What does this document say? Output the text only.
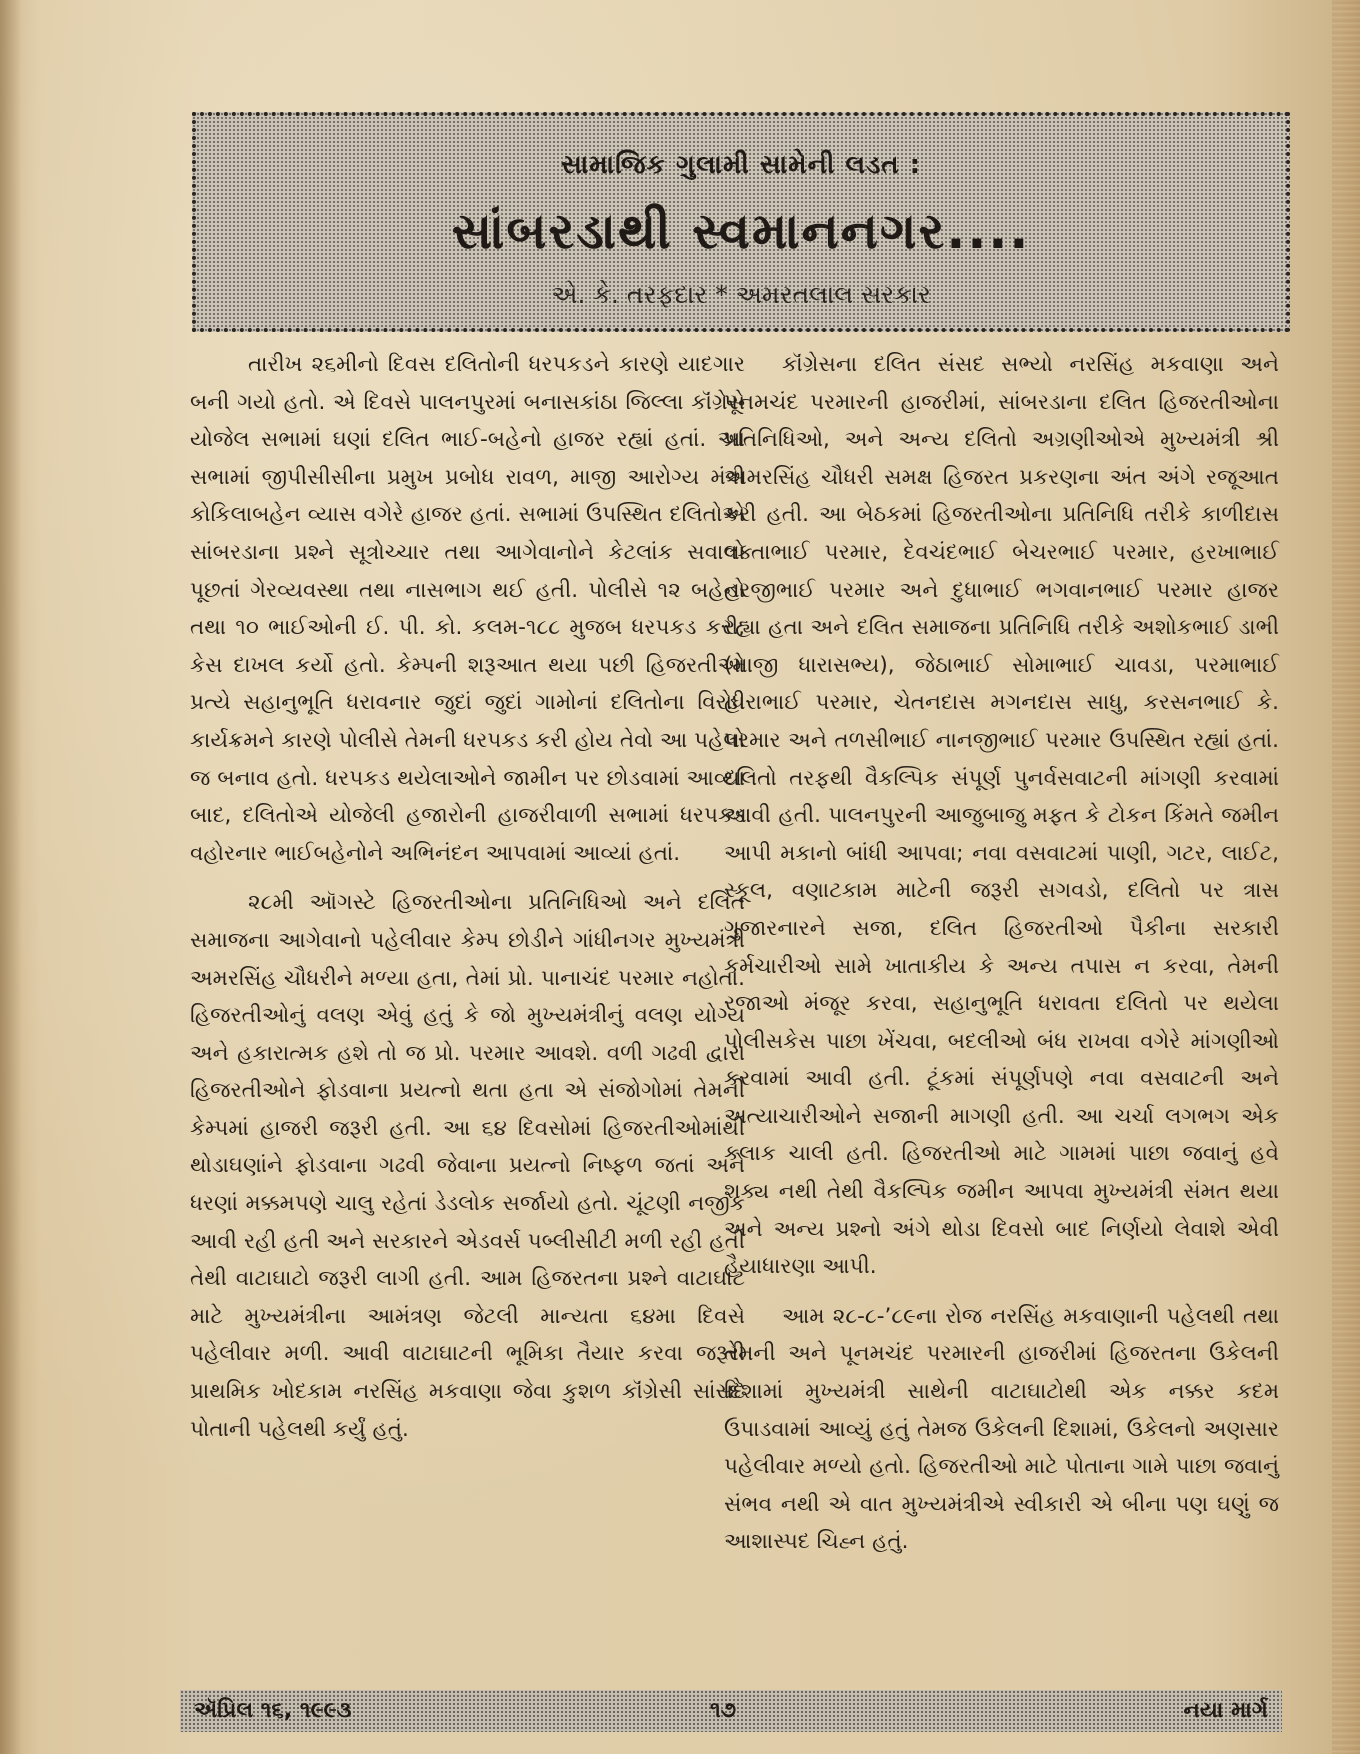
સામાજિક ગુલામી સામેની લડત :
સાંબરડાથી સ્વમાનનગર....
એ. કે. તરફદાર * અમરતલાલ સરકાર

તારીખ ૨૬મીનો દિવસ દલિતોની ધરપકડને કારણે યાદગાર બની ગયો હતો. એ દિવસે પાલનપુરમાં બનાસકાંઠા જિલ્લા કૉંગ્રેસે યોજેલ સભામાં ઘણાં દલિત ભાઈ-બહેનો હાજર રહ્યાં હતાં. આ સભામાં જીપીસીસીના પ્રમુખ પ્રબોધ રાવળ, માજી આરોગ્ય મંત્રી કોકિલાબહેન વ્યાસ વગેરે હાજર હતાં. સભામાં ઉપસ્થિત દલિતોએ સાંબરડાના પ્રશ્ને સૂત્રોચ્ચાર તથા આગેવાનોને કેટલાંક સવાલો પૂછતાં ગેરવ્યવસ્થા તથા નાસભાગ થઈ હતી. પોલીસે ૧૨ બહેનો તથા ૧૦ ભાઈઓની ઈ. પી. કો. કલમ-૧૮૮ મુજબ ધરપકડ કરી, કેસ દાખલ કર્યો હતો. કેમ્પની શરૂઆત થયા પછી હિજરતીઓ પ્રત્યે સહાનુભૂતિ ધરાવનાર જુદાં જુદાં ગામોનાં દલિતોના વિરોધ કાર્યક્રમને કારણે પોલીસે તેમની ધરપકડ કરી હોય તેવો આ પહેલો જ બનાવ હતો. ધરપકડ થયેલાઓને જામીન પર છોડવામાં આવ્યા બાદ, દલિતોએ યોજેલી હજારોની હાજરીવાળી સભામાં ધરપકડ વહોરનાર ભાઈબહેનોને અભિનંદન આપવામાં આવ્યાં હતાં.

૨૮મી ઑગસ્ટે હિજરતીઓના પ્રતિનિધિઓ અને દલિત સમાજના આગેવાનો પહેલીવાર કેમ્પ છોડીને ગાંધીનગર મુખ્યમંત્રી અમરસિંહ ચૌધરીને મળ્યા હતા, તેમાં પ્રો. પાનાચંદ પરમાર નહોતા. હિજરતીઓનું વલણ એવું હતું કે જો મુખ્યમંત્રીનું વલણ યોગ્ય અને હકારાત્મક હશે તો જ પ્રો. પરમાર આવશે. વળી ગઢવી દ્વારા હિજરતીઓને ફોડવાના પ્રયત્નો થતા હતા એ સંજોગોમાં તેમની કેમ્પમાં હાજરી જરૂરી હતી. આ ૬૪ દિવસોમાં હિજરતીઓમાંથી થોડાઘણાંને ફોડવાના ગઢવી જેવાના પ્રયત્નો નિષ્ફળ જતાં અને ધરણાં મક્કમપણે ચાલુ રહેતાં ડેડલોક સર્જાયો હતો. ચૂંટણી નજીક આવી રહી હતી અને સરકારને એડવર્સ પબ્લીસીટી મળી રહી હતી તેથી વાટાઘાટો જરૂરી લાગી હતી. આમ હિજરતના પ્રશ્ને વાટાઘાટ માટે મુખ્યમંત્રીના આમંત્રણ જેટલી માન્યતા ૬૪મા દિવસે પહેલીવાર મળી. આવી વાટાઘાટની ભૂમિકા તૈયાર કરવા જરૂરી પ્રાથમિક ખોદકામ નરસિંહ મકવાણા જેવા કુશળ કૉંગ્રેસી સાંસદે પોતાની પહેલથી કર્યું હતું.

કૉંગ્રેસના દલિત સંસદ સભ્યો નરસિંહ મકવાણા અને પૂનમચંદ પરમારની હાજરીમાં, સાંબરડાના દલિત હિજરતીઓના પ્રતિનિધિઓ, અને અન્ય દલિતો અગ્રણીઓએ મુખ્યમંત્રી શ્રી અમરસિંહ ચૌધરી સમક્ષ હિજરત પ્રકરણના અંત અંગે રજૂઆત કરી હતી. આ બેઠકમાં હિજરતીઓના પ્રતિનિધિ તરીકે કાળીદાસ વક્તાભાઈ પરમાર, દેવચંદભાઈ બેચરભાઈ પરમાર, હરખાભાઈ હરજીભાઈ પરમાર અને દુધાભાઈ ભગવાનભાઈ પરમાર હાજર રહ્યા હતા અને દલિત સમાજના પ્રતિનિધિ તરીકે અશોકભાઈ ડાભી (માજી ધારાસભ્ય), જેઠાભાઈ સોમાભાઈ ચાવડા, પરમાભાઈ હીરાભાઈ પરમાર, ચેતનદાસ મગનદાસ સાધુ, કરસનભાઈ કે. પરમાર અને તળસીભાઈ નાનજીભાઈ પરમાર ઉપસ્થિત રહ્યાં હતાં. દલિતો તરફથી વૈકલ્પિક સંપૂર્ણ પુનર્વસવાટની માંગણી કરવામાં આવી હતી. પાલનપુરની આજુબાજુ મફત કે ટોકન કિંમતે જમીન આપી મકાનો બાંધી આપવા; નવા વસવાટમાં પાણી, ગટર, લાઈટ, સ્કૂલ, વણાટકામ માટેની જરૂરી સગવડો, દલિતો પર ત્રાસ ગુજારનારને સજા, દલિત હિજરતીઓ પૈકીના સરકારી કર્મચારીઓ સામે ખાતાકીય કે અન્ય તપાસ ન કરવા, તેમની રજાઓ મંજૂર કરવા, સહાનુભૂતિ ધરાવતા દલિતો પર થયેલા પોલીસકેસ પાછા ખેંચવા, બદલીઓ બંધ રાખવા વગેરે માંગણીઓ કરવામાં આવી હતી. ટૂંકમાં સંપૂર્ણપણે નવા વસવાટની અને અત્યાચારીઓને સજાની માગણી હતી. આ ચર્ચા લગભગ એક કલાક ચાલી હતી. હિજરતીઓ માટે ગામમાં પાછા જવાનું હવે શક્ય નથી તેથી વૈકલ્પિક જમીન આપવા મુખ્યમંત્રી સંમત થયા અને અન્ય પ્રશ્નો અંગે થોડા દિવસો બાદ નિર્ણયો લેવાશે એવી હૈયાધારણા આપી.

આમ ૨૮-૮-’૮૯ના રોજ નરસિંહ મકવાણાની પહેલથી તથા તેમની અને પૂનમચંદ પરમારની હાજરીમાં હિજરતના ઉકેલની દિશામાં મુખ્યમંત્રી સાથેની વાટાઘાટોથી એક નક્કર કદમ ઉપાડવામાં આવ્યું હતું તેમજ ઉકેલની દિશામાં, ઉકેલનો અણસાર પહેલીવાર મળ્યો હતો. હિજરતીઓ માટે પોતાના ગામે પાછા જવાનું સંભવ નથી એ વાત મુખ્યમંત્રીએ સ્વીકારી એ બીના પણ ઘણું જ આશાસ્પદ ચિહ્ન હતું.

ઍપ્રિલ ૧૬, ૧૯૯૩	૧૭	નયા માર્ગ
